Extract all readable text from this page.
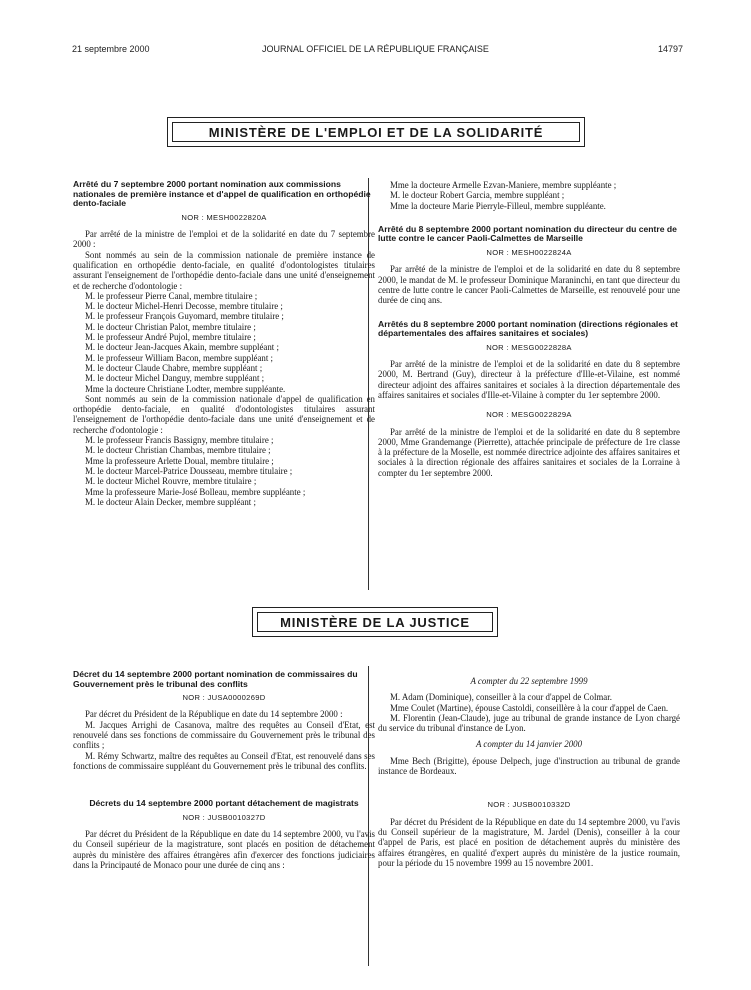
JOURNAL OFFICIEL DE LA RÉPUBLIQUE FRANÇAISE
21 septembre 2000	14797
MINISTÈRE DE L'EMPLOI ET DE LA SOLIDARITÉ
Arrêté du 7 septembre 2000 portant nomination aux commissions nationales de première instance et d'appel de qualification en orthopédie dento-faciale
NOR : MESH0022820A
Par arrêté de la ministre de l'emploi et de la solidarité en date du 7 septembre 2000 :
Sont nommés au sein de la commission nationale de première instance de qualification en orthopédie dento-faciale, en qualité d'odontologistes titulaires assurant l'enseignement de l'orthopédie dento-faciale dans une unité d'enseignement et de recherche d'odontologie :
M. le professeur Pierre Canal, membre titulaire ;
M. le docteur Michel-Henri Decosse, membre titulaire ;
M. le professeur François Guyomard, membre titulaire ;
M. le docteur Christian Palot, membre titulaire ;
M. le professeur André Pujol, membre titulaire ;
M. le docteur Jean-Jacques Akain, membre suppléant ;
M. le professeur William Bacon, membre suppléant ;
M. le docteur Claude Chabre, membre suppléant ;
M. le docteur Michel Danguy, membre suppléant ;
Mme la docteure Christiane Lodter, membre suppléante.
Sont nommés au sein de la commission nationale d'appel de qualification en orthopédie dento-faciale, en qualité d'odontologistes titulaires assurant l'enseignement de l'orthopédie dento-faciale dans une unité d'enseignement et de recherche d'odontologie :
M. le professeur Francis Bassigny, membre titulaire ;
M. le docteur Christian Chambas, membre titulaire ;
Mme la professeure Arlette Doual, membre titulaire ;
M. le docteur Marcel-Patrice Dousseau, membre titulaire ;
M. le docteur Michel Rouvre, membre titulaire ;
Mme la professeure Marie-José Bolleau, membre suppléante ;
M. le docteur Alain Decker, membre suppléant ;
Mme la docteure Armelle Ezvan-Maniere, membre suppléante ;
M. le docteur Robert Garcia, membre suppléant ;
Mme la docteure Marie Pierryle-Filleul, membre suppléante.
Arrêté du 8 septembre 2000 portant nomination du directeur du centre de lutte contre le cancer Paoli-Calmettes de Marseille
NOR : MESH0022824A
Par arrêté de la ministre de l'emploi et de la solidarité en date du 8 septembre 2000, le mandat de M. le professeur Dominique Maraninchi, en tant que directeur du centre de lutte contre le cancer Paoli-Calmettes de Marseille, est renouvelé pour une durée de cinq ans.
Arrêtés du 8 septembre 2000 portant nomination (directions régionales et départementales des affaires sanitaires et sociales)
NOR : MESG0022828A
Par arrêté de la ministre de l'emploi et de la solidarité en date du 8 septembre 2000, M. Bertrand (Guy), directeur à la préfecture d'Ille-et-Vilaine, est nommé directeur adjoint des affaires sanitaires et sociales à la direction départementale des affaires sanitaires et sociales d'Ille-et-Vilaine à compter du 1er septembre 2000.
NOR : MESG0022829A
Par arrêté de la ministre de l'emploi et de la solidarité en date du 8 septembre 2000, Mme Grandemange (Pierrette), attachée principale de préfecture de 1re classe à la préfecture de la Moselle, est nommée directrice adjointe des affaires sanitaires et sociales à la direction régionale des affaires sanitaires et sociales de la Lorraine à compter du 1er septembre 2000.
MINISTÈRE DE LA JUSTICE
Décret du 14 septembre 2000 portant nomination de commissaires du Gouvernement près le tribunal des conflits
NOR : JUSA0000269D
Par décret du Président de la République en date du 14 septembre 2000 :
M. Jacques Arrighi de Casanova, maître des requêtes au Conseil d'Etat, est renouvelé dans ses fonctions de commissaire du Gouvernement près le tribunal des conflits ;
M. Rémy Schwartz, maître des requêtes au Conseil d'Etat, est renouvelé dans ses fonctions de commissaire suppléant du Gouvernement près le tribunal des conflits.
Décrets du 14 septembre 2000 portant détachement de magistrats
NOR : JUSB0010327D
Par décret du Président de la République en date du 14 septembre 2000, vu l'avis du Conseil supérieur de la magistrature, sont placés en position de détachement auprès du ministère des affaires étrangères afin d'exercer des fonctions judiciaires dans la Principauté de Monaco pour une durée de cinq ans :
A compter du 22 septembre 1999
M. Adam (Dominique), conseiller à la cour d'appel de Colmar.
Mme Coulet (Martine), épouse Castoldi, conseillère à la cour d'appel de Caen.
M. Florentin (Jean-Claude), juge au tribunal de grande instance de Lyon chargé du service du tribunal d'instance de Lyon.
A compter du 14 janvier 2000
Mme Bech (Brigitte), épouse Delpech, juge d'instruction au tribunal de grande instance de Bordeaux.
NOR : JUSB0010332D
Par décret du Président de la République en date du 14 septembre 2000, vu l'avis du Conseil supérieur de la magistrature, M. Jardel (Denis), conseiller à la cour d'appel de Paris, est placé en position de détachement auprès du ministère des affaires étrangères, en qualité d'expert auprès du ministère de la justice roumain, pour la période du 15 novembre 1999 au 15 novembre 2001.
